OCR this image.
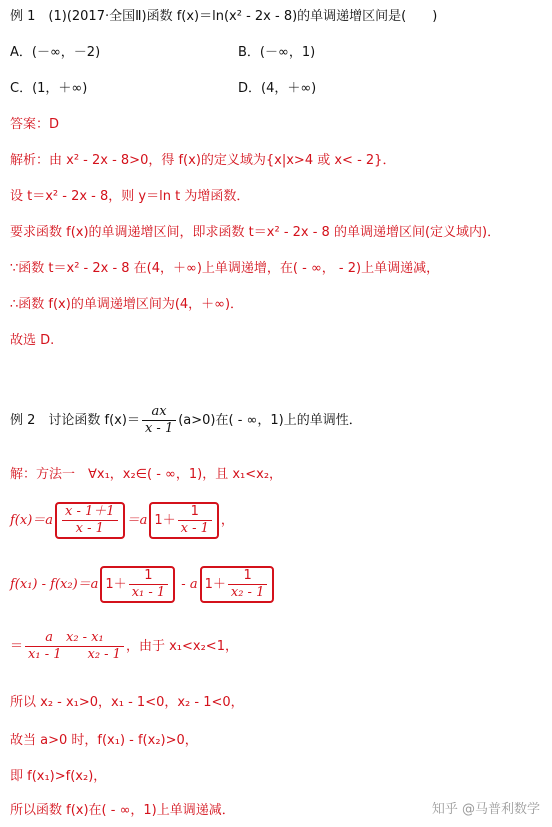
例 1　(1)(2017·全国Ⅱ)函数 f(x)＝ln(x² - 2x - 8)的单调递增区间是(　　)
A．(－∞，－2)	B．(－∞，1)
C．(1，＋∞)	D．(4，＋∞)
答案：D
解析：由 x² - 2x - 8>0，得 f(x)的定义域为{x|x>4 或 x< - 2}．
设 t＝x² - 2x - 8，则 y＝ln t 为增函数．
要求函数 f(x)的单调递增区间，即求函数 t＝x² - 2x - 8 的单调递增区间(定义域内)．
∵函数 t＝x² - 2x - 8 在(4，＋∞)上单调递增，在( - ∞， - 2)上单调递减，
∴函数 f(x)的单调递增区间为(4，＋∞)．
故选 D.
例 2　讨论函数 $f(x)= \frac{ax}{x - 1} (a>0)$在( - ∞，1)上的单调性．
解：方法一　∀x₁，x₂∈( - ∞，1)，且 x₁<x₂，
$f(x)=a \frac{x - 1+1}{x - 1} =a$ $1+ \frac{1}{x - 1}$ ，
f(x₁) - f(x₂)＝a $1+ \frac{1}{\text{x₁ - 1}} - a$ $1+ \frac{1}{\text{x₂ - 1}}$
＝ $\frac{\text{a　x₂ - x₁}}{\text{x₁ - 1　　x₂ - 1}}$ ，由于 x₁<x₂<1，
所以 x₂ - x₁>0，x₁ - 1<0，x₂ - 1<0，
故当 a>0 时，f(x₁) - f(x₂)>0，
即 f(x₁)>f(x₂)，
所以函数 f(x)在( - ∞，1)上单调递减．	知乎 @马普利数学
